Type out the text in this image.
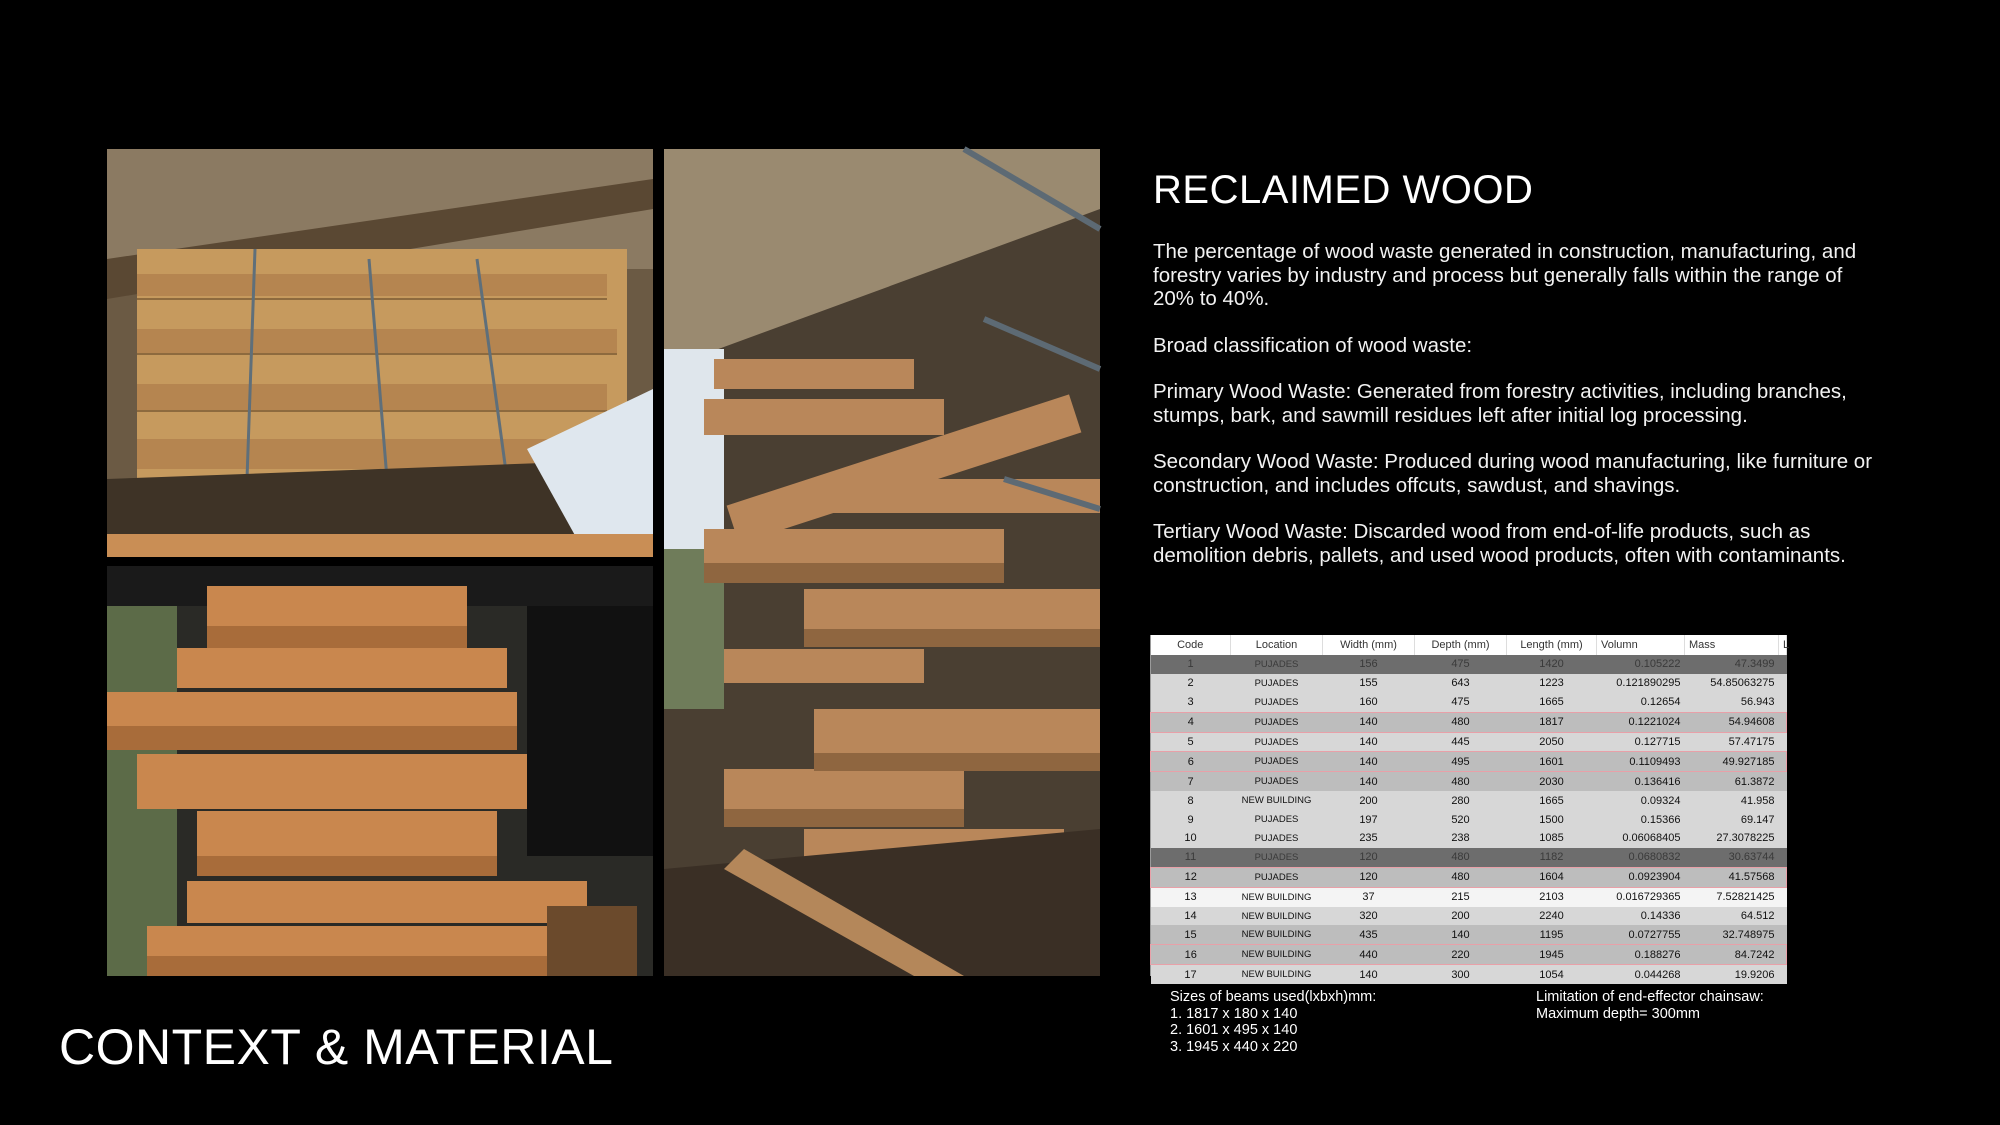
RECLAIMED WOOD

The percentage of wood waste generated in construction, manufacturing, and forestry varies by industry and process but generally falls within the range of 20% to 40%.

Broad classification of wood waste:

Primary Wood Waste: Generated from forestry activities, including branches, stumps, bark, and sawmill residues left after initial log processing.

Secondary Wood Waste: Produced during wood manufacturing, like furniture or construction, and includes offcuts, sawdust, and shavings.

Tertiary Wood Waste: Discarded wood from end-of-life products, such as demolition debris, pallets, and used wood products, often with contaminants.

Code	Location	Width (mm)	Depth (mm)	Length (mm)	Volumn	Mass	L
1	PUJADES	156	475	1420	0.105222	47.3499	
2	PUJADES	155	643	1223	0.121890295	54.85063275	
3	PUJADES	160	475	1665	0.12654	56.943	
4	PUJADES	140	480	1817	0.1221024	54.94608	
5	PUJADES	140	445	2050	0.127715	57.47175	
6	PUJADES	140	495	1601	0.1109493	49.927185	
7	PUJADES	140	480	2030	0.136416	61.3872	
8	NEW BUILDING	200	280	1665	0.09324	41.958	
9	PUJADES	197	520	1500	0.15366	69.147	
10	PUJADES	235	238	1085	0.06068405	27.3078225	
11	PUJADES	120	480	1182	0.0680832	30.63744	
12	PUJADES	120	480	1604	0.0923904	41.57568	
13	NEW BUILDING	37	215	2103	0.016729365	7.52821425	
14	NEW BUILDING	320	200	2240	0.14336	64.512	
15	NEW BUILDING	435	140	1195	0.0727755	32.748975	
16	NEW BUILDING	440	220	1945	0.188276	84.7242	
17	NEW BUILDING	140	300	1054	0.044268	19.9206	
Sizes of beams used(lxbxh)mm:
1. 1817 x 180 x 140
2. 1601 x 495 x 140
3. 1945 x 440 x 220
Limitation of end-effector chainsaw:
Maximum depth= 300mm
CONTEXT & MATERIAL
